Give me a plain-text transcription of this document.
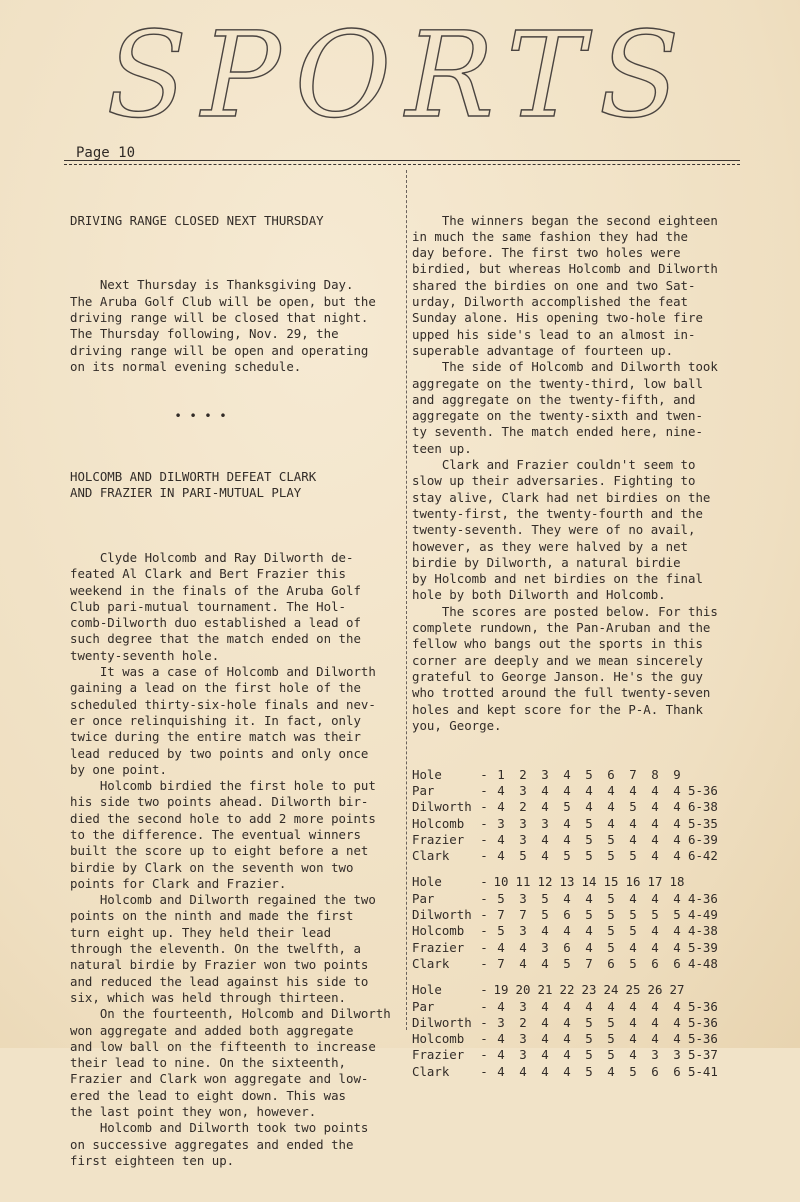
SPORTS
Page 10

DRIVING RANGE CLOSED NEXT THURSDAY

Next Thursday is Thanksgiving Day.
The Aruba Golf Club will be open, but the
driving range will be closed that night.
The Thursday following, Nov. 29, the
driving range will be open and operating
on its normal evening schedule.

• • • •

HOLCOMB AND DILWORTH DEFEAT CLARK
AND FRAZIER IN PARI-MUTUAL PLAY

Clyde Holcomb and Ray Dilworth de-
feated Al Clark and Bert Frazier this
weekend in the finals of the Aruba Golf
Club pari-mutual tournament. The Hol-
comb-Dilworth duo established a lead of
such degree that the match ended on the
twenty-seventh hole.
It was a case of Holcomb and Dilworth
gaining a lead on the first hole of the
scheduled thirty-six-hole finals and nev-
er once relinquishing it. In fact, only
twice during the entire match was their
lead reduced by two points and only once
by one point.
Holcomb birdied the first hole to put
his side two points ahead. Dilworth bir-
died the second hole to add 2 more points
to the difference. The eventual winners
built the score up to eight before a net
birdie by Clark on the seventh won two
points for Clark and Frazier.
Holcomb and Dilworth regained the two
points on the ninth and made the first
turn eight up. They held their lead
through the eleventh. On the twelfth, a
natural birdie by Frazier won two points
and reduced the lead against his side to
six, which was held through thirteen.
On the fourteenth, Holcomb and Dilworth
won aggregate and added both aggregate
and low ball on the fifteenth to increase
their lead to nine. On the sixteenth,
Frazier and Clark won aggregate and low-
ered the lead to eight down. This was
the last point they won, however.
Holcomb and Dilworth took two points
on successive aggregates and ended the
first eighteen ten up.

The winners began the second eighteen
in much the same fashion they had the
day before. The first two holes were
birdied, but whereas Holcomb and Dilworth
shared the birdies on one and two Sat-
urday, Dilworth accomplished the feat
Sunday alone. His opening two-hole fire
upped his side's lead to an almost in-
superable advantage of fourteen up.
The side of Holcomb and Dilworth took
aggregate on the twenty-third, low ball
and aggregate on the twenty-fifth, and
aggregate on the twenty-sixth and twen-
ty seventh. The match ended here, nine-
teen up.
Clark and Frazier couldn't seem to
slow up their adversaries. Fighting to
stay alive, Clark had net birdies on the
twenty-first, the twenty-fourth and the
twenty-seventh. They were of no avail,
however, as they were halved by a net
birdie by Dilworth, a natural birdie
by Holcomb and net birdies on the final
hole by both Dilworth and Holcomb.
The scores are posted below. For this
complete rundown, the Pan-Aruban and the
fellow who bangs out the sports in this
corner are deeply and we mean sincerely
grateful to George Janson. He's the guy
who trotted around the full twenty-seven
holes and kept score for the P-A. Thank
you, George.

Hole	-	1	2	3	4	5	6	7	8	9	
Par	-	4	3	4	4	4	4	4	4	4	5-36
Dilworth	-	4	2	4	5	4	4	5	4	4	6-38
Holcomb	-	3	3	3	4	5	4	4	4	4	5-35
Frazier	-	4	3	4	4	5	5	4	4	4	6-39
Clark	-	4	5	4	5	5	5	5	4	4	6-42
Hole	-	10	11	12	13	14	15	16	17	18	
Par	-	5	3	5	4	4	5	4	4	4	4-36
Dilworth	-	7	7	5	6	5	5	5	5	5	4-49
Holcomb	-	5	3	4	4	4	5	5	4	4	4-38
Frazier	-	4	4	3	6	4	5	4	4	4	5-39
Clark	-	7	4	4	5	7	6	5	6	6	4-48
Hole	-	19	20	21	22	23	24	25	26	27	
Par	-	4	3	4	4	4	4	4	4	4	5-36
Dilworth	-	3	2	4	4	5	5	4	4	4	5-36
Holcomb	-	4	3	4	4	5	5	4	4	4	5-36
Frazier	-	4	3	4	4	5	5	4	3	3	5-37
Clark	-	4	4	4	4	5	4	5	6	6	5-41
